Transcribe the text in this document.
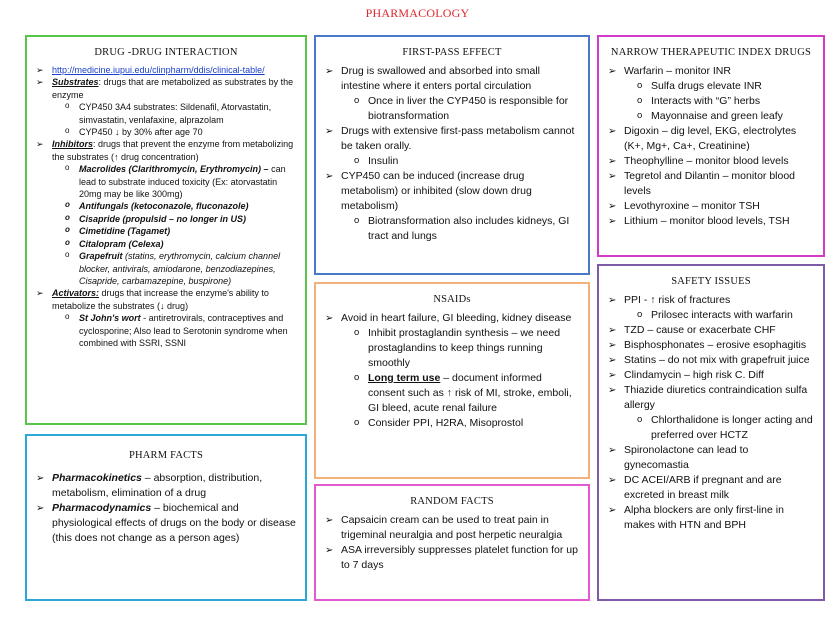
PHARMACOLOGY
DRUG -DRUG INTERACTION
➢ http://medicine.iupui.edu/clinpharm/ddis/clinical-table/
➢ Substrates: drugs that are metabolized as substrates by the enzyme
o CYP450 3A4 substrates: Sildenafil, Atorvastatin, simvastatin, venlafaxine, alprazolam
o CYP450 ↓ by 30% after age 70
➢ Inhibitors: drugs that prevent the enzyme from metabolizing the substrates (↑ drug concentration)
o Macrolides (Clarithromycin, Erythromycin) – can lead to substrate induced toxicity (Ex: atorvastatin 20mg may be like 300mg)
o Antifungals (ketoconazole, fluconazole)
o Cisapride (propulsid – no longer in US)
o Cimetidine (Tagamet)
o Citalopram (Celexa)
o Grapefruit (statins, erythromycin, calcium channel blocker, antivirals, amiodarone, benzodiazepines, Cisapride, carbamazepine, buspirone)
➢ Activators: drugs that increase the enzyme's ability to metabolize the substrates (↓ drug)
o St John's wort - antiretrovirals, contraceptives and cyclosporine; Also lead to Serotonin syndrome when combined with SSRI, SSNI
FIRST-PASS EFFECT
➢ Drug is swallowed and absorbed into small intestine where it enters portal circulation
o Once in liver the CYP450 is responsible for biotransformation
➢ Drugs with extensive first-pass metabolism cannot be taken orally.
o Insulin
➢ CYP450 can be induced (increase drug metabolism) or inhibited (slow down drug metabolism)
o Biotransformation also includes kidneys, GI tract and lungs
NARROW THERAPEUTIC INDEX DRUGS
➢ Warfarin – monitor INR
o Sulfa drugs elevate INR
o Interacts with “G” herbs
o Mayonnaise and green leafy
➢ Digoxin – dig level, EKG, electrolytes (K+, Mg+, Ca+, Creatinine)
➢ Theophylline – monitor blood levels
➢ Tegretol and Dilantin – monitor blood levels
➢ Levothyroxine – monitor TSH
➢ Lithium – monitor blood levels, TSH
NSAIDs
➢ Avoid in heart failure, GI bleeding, kidney disease
o Inhibit prostaglandin synthesis – we need prostaglandins to keep things running smoothly
o Long term use – document informed consent such as ↑ risk of MI, stroke, emboli, GI bleed, acute renal failure
o Consider PPI, H2RA, Misoprostol
SAFETY ISSUES
➢ PPI - ↑ risk of fractures
o Prilosec interacts with warfarin
➢ TZD – cause or exacerbate CHF
➢ Bisphosphonates – erosive esophagitis
➢ Statins – do not mix with grapefruit juice
➢ Clindamycin – high risk C. Diff
➢ Thiazide diuretics contraindication sulfa allergy
o Chlorthalidone is longer acting and preferred over HCTZ
➢ Spironolactone can lead to gynecomastia
➢ DC ACEI/ARB if pregnant and are excreted in breast milk
➢ Alpha blockers are only first-line in makes with HTN and BPH
PHARM FACTS
➢ Pharmacokinetics – absorption, distribution, metabolism, elimination of a drug
➢ Pharmacodynamics – biochemical and physiological effects of drugs on the body or disease (this does not change as a person ages)
RANDOM FACTS
➢ Capsaicin cream can be used to treat pain in trigeminal neuralgia and post herpetic neuralgia
➢ ASA irreversibly suppresses platelet function for up to 7 days
